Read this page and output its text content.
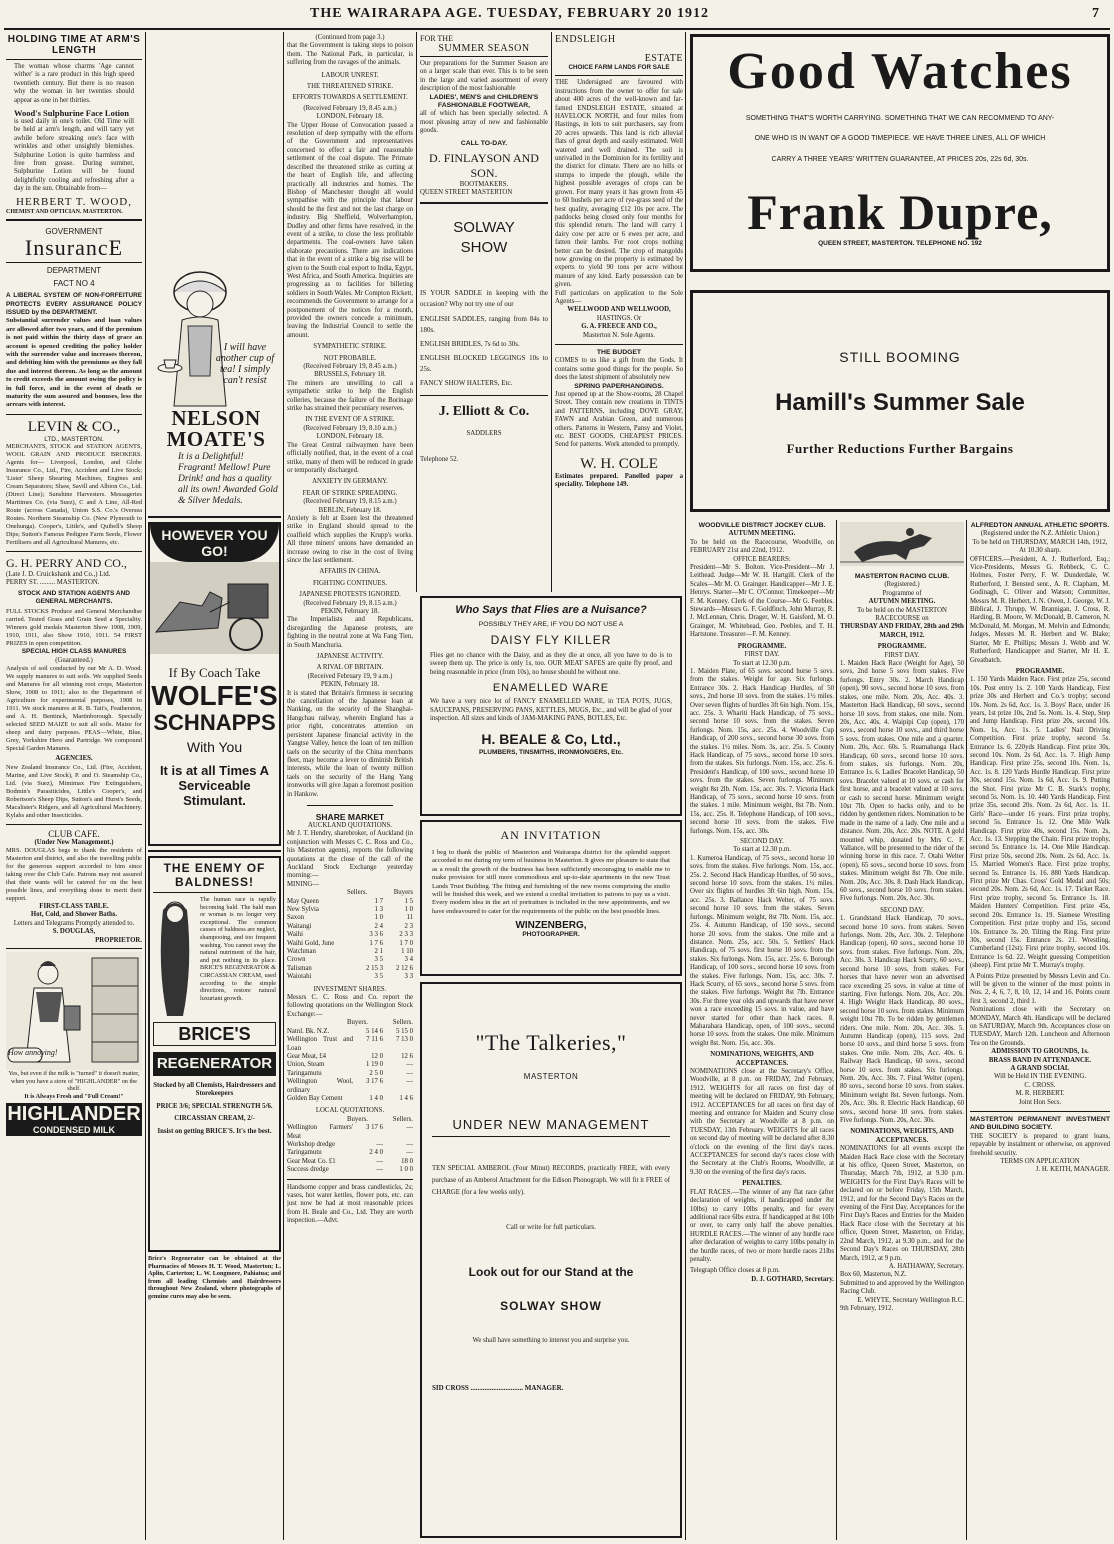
THE WAIRARAPA AGE. TUESDAY, FEBRUARY 20 1912	7
HOLDING TIME AT ARM'S LENGTH
The woman whose charms 'Age cannot wither' is a rare product in this high speed twentieth century. But there is no reason why the woman in her twenties should appear as one in her thirties.
Wood's Sulphurine Face Lotion
is used daily in one's toilet. Old Time will be held at arm's length, and will tarry yet awhile before streaking one's face with wrinkles and other unsightly blemishes. Sulphurine Lotion is quite harmless and free from grease. During summer, Sulphurine Lotion will be found delightfully cooling and refreshing after a day in the sun. Obtainable from—
HERBERT T. WOOD,
CHEMIST AND OPTICIAN. MASTERTON.
GOVERNMENT
InsurancE
DEPARTMENT
FACT NO 4
A LIBERAL SYSTEM OF NON-FORFEITURE PROTECTS EVERY ASSURANCE POLICY ISSUED by the DEPARTMENT.
Substantial surrender values and loan values are allowed after two years, and if the premium is not paid within the thirty days of grace an account is opened crediting the policy holder with the surrender value and increases thereon, and debiting him with the premiums as they fall due and interest thereon. As long as the amount to credit exceeds the amount owing the policy is in full force, and in the event of death or maturity the sum assured and bonuses, less the arrears with interest.
LEVIN & CO.,
LTD., MASTERTON.
MERCHANTS, STOCK and STATION AGENTS, WOOL GRAIN AND PRODUCE BROKERS. Agents for— Liverpool, London, and Globe Insurance Co., Ltd., Fire, Accident and Live Stock; 'Lister' Sheep Shearing Machines, Engines and Cream Separators; Shaw, Savill and Albion Co., Ltd. (Direct Line); Sunshine Harvesters. Messageries Maritimes Co. (via Suez), C and A Line, All-Red Route (across Canada), Union S.S. Co.'s Oversea Routes. Northern Steamship Co. (New Plymouth to Onehunga). Cooper's, Little's, and Quibell's Sheep Dips; Sutton's Famous Pedigree Farm Seeds, Flower Fertilisers and all Agricultural Manures, etc.
G. H. PERRY AND CO.,
(Late J. D. Cruickshank and Co.,) Ltd.
PERRY ST. ......... MASTERTON.
STOCK AND STATION AGENTS AND GENERAL MERCHANTS.
FULL STOCKS Produce and General Merchandise carried. Tested Grass and Grain Seed a Speciality. Winners gold medals Masterton Show 1908, 1909, 1910, 1911, also Show 1910, 1911. 54 FIRST PRIZES in open competition.
SPECIAL HIGH CLASS MANURES
(Guaranteed.)
Analysis of soil conducted by our Mr A. D. Wood. We supply manures to suit soils. We supplied Seeds and Manures for all winning root crops, Masterton Show, 1908 to 1911; also to the Department of Agriculture for experimental purposes, 1908 to 1911. We stock manures at R. B. Tait's, Featherston, and A. H. Bentinck, Martinborough. Specially selected SEED MAIZE to suit all soils. Maize for sheep and dairy purposes. PEAS—White, Blue, Grey, Yorkshire Hero and Partridge. We compound Special Garden Manures.
AGENCIES.
New Zealand Insurance Co., Ltd. (Fire, Accident, Marine, and Live Stock), P. and O. Steamship Co., Ltd. (via Suez), Mimimax Fire Extinguishers, Bodmin's Parasiticides, Little's Cooper's, and Robertson's Sheep Dips, Sutton's and Hurst's Seeds, Macalister's Ridgers, and all Agricultural Machinery. Kylahs and other Insecticides.
CLUB CAFE.
(Under New Management.)
MRS. DOUGLAS begs to thank the residents of Masterton and district, and also the travelling public for the generous support accorded to him since taking over the Club Cafe. Patrons may rest assured that their wants will be catered for on the best possible lines, and everything done to merit their support.
FIRST-CLASS TABLE.
Hot, Cold, and Shower Baths.
Letters and Telegrams Promptly attended to.
S. DOUGLAS,
PROPRIETOR.
How annoying!
Yes, but even if the milk is "turned" it doesn't matter, when you have a store of "HIGHLANDER" on the shelf.
It is Always Fresh and "Full Cream!"
HIGHLANDER
CONDENSED MILK
I will have another cup of tea! I simply can't resist
NELSON MOATE'S
It is a Delightful! Fragrant! Mellow! Pure Drink! and has a quality all its own! Awarded Gold & Silver Medals.
HOWEVER YOU GO!
If By Coach Take
WOLFE'S
SCHNAPPS
With You
It is at all Times A Serviceable Stimulant.
THE ENEMY OF BALDNESS!
The human race is rapidly becoming bald. The bald man or woman is no longer very exceptional. The common causes of baldness are neglect, shampooing, and too frequent washing. You cannot sway the natural nutriment of the hair, and put nothing in its place. BRICE'S REGENERATOR & CIRCASSIAN CREAM, used according to the simple directions, restore natural luxuriant growth.
BRICE'S
REGENERATOR
Stocked by all Chemists, Hairdressers and Storekeepers
PRICE 3/6; SPECIAL STRENGTH 5/6.
CIRCASSIAN CREAM, 2/-
Insist on getting BRICE'S. It's the best.
Brice's Regenerator can be obtained at the Pharmacies of Messrs H. T. Wood, Masterton; L. Aplin, Carterton; L. W. Longmore, Pahiatua; and from all leading Chemists and Hairdressers throughout New Zealand, where photographs of genuine cures may also be seen.
(Continued from page 3.)
that the Government is taking steps to poison them. The National Park, in particular, is suffering from the ravages of the animals.
LABOUR UNREST.
THE THREATENED STRIKE.
EFFORTS TOWARDS A SETTLEMENT.
(Received February 19, 8.45 a.m.)
LONDON, February 18.
The Upper House of Convocation passed a resolution of deep sympathy with the efforts of the Government and representatives concerned to effect a fair and reasonable settlement of the coal dispute. The Primate described the threatened strike as cutting at the heart of English life, and affecting practically all industries and homes. The Bishop of Manchester thought all would sympathise with the principle that labour should be the first and not the last charge on industry. Big Sheffield, Wolverhampton, Dudley and other firms have resolved, in the event of a strike, to close the less profitable departments. The coal-owners have taken elaborate precautions. There are indications that in the event of a strike a big rise will be given to the South coal export to India, Egypt, West Africa, and South America. Inquiries are progressing as to facilities for billeting soldiers in South Wales. Mr Compton Rickett, recommends the Government to arrange for a postponement of the notices for a month, provided the owners concede a minimum, leaving the Industrial Council to settle the amount.
SYMPATHETIC STRIKE.
NOT PROBABLE.
(Received February 19, 8.45 a.m.)
BRUSSELS, February 18.
The miners are unwilling to call a sympathetic strike to help the English colleries, because the failure of the Borinage strike has strained their pecuniary reserves.
IN THE EVENT OF A STRIKE.
(Received February 19, 8.10 a.m.)
LONDON, February 18.
The Great Central railwaymen have been officially notified, that, in the event of a coal strike, many of them will be reduced in grade or temporarily discharged.
ANXIETY IN GERMANY.
FEAR OF STRIKE SPREADING.
(Received February 19, 8.15 a.m.)
BERLIN, February 18.
Anxiety is felt at Essen lest the threatened strike in England should spread to the coalfield which supplies the Krupp's works. All three miners' unions have demanded an increase owing to rise in the cost of living since the last settlement.
AFFAIRS IN CHINA.
FIGHTING CONTINUES.
JAPANESE PROTESTS IGNORED.
(Received February 19, 8.15 a.m.)
PEKIN, February 18.
The Imperialists and Republicans, disregarding the Japanese protests, are fighting in the neutral zone at Wa Fang Tien, in South Manchuria.
JAPANESE ACTIVITY.
A RIVAL OF BRITAIN.
(Received February 19, 9 a.m.)
PEKIN, February 18.
It is stated that Britain's firmness in securing the cancellation of the Japanese loan at Nanking, on the security of the Shanghai-Hangchau railway, wherein England has a prior right, concentrates attention on persistent Japanese financial activity in the Yangtse Valley, hence the loan of ten million taels on the security of the China merchants fleet, may become a lever to diminish British interests, while the loan of twenty million taels on the security of the Hang Yang ironworks will give Japan a foremost position in Hankow.
SHARE MARKET
AUCKLAND QUOTATIONS.
Mr J. T. Hendry, sharebroker, of Auckland (in conjunction with Messrs C. C. Ross and Co., his Masterton agents), reports the following quotations at the close of the call of the Auckland Stock Exchange yesterday morning:—
MINING—
Sellers.	Buyers
May Queen	1 7	1 5
New Sylvia	1 3	1 0
Saxon	1 0	11
Waitangi	2 4	2 3
Waihi	3 3 6	2 3 3
Waihi Gold, June	1 7 6	1 7 0
Watchman	2 1	1 10
Crown	3 5	3 4
Talisman	2 15 3	2 12 6
Waiotahi	3 5	3 3
INVESTMENT SHARES.
Messrs C. C. Ross and Co. report the following quotations on the Wellington Stock Exchange:—
Buyers.	Sellers.
Natnl. Bk. N.Z.	5 14 6	5 15 0
Wellington Trust and Loan
7 11 6	7 13 0
Gear Meat, £4	12 0	12 6
Union, Steam	1 19 0	—
Taringamutu	2 5 0	—
Wellington Wool, ordinary
3 17 6	—
Golden Bay Cement	1 4 0	1 4 6
LOCAL QUOTATIONS.
Buyers.	Sellers.
Wellington Farmers' Meat
3 17 6	—
Workshop dredge	—	—
Taringamutu	2 4 0	—
Gear Meat Co. £1	—	18 0
Success dredge	—	1 0 0
Handsome copper and brass candlesticks, 2s; vases, hot water kettles, flower pots, etc. can just now be had at most reasonable prices from H. Beale and Co., Ltd. They are worth inspection.—Advt.
FOR THE
SUMMER SEASON
Our preparations for the Summer Season are on a larger scale than ever. This is to be seen in the large and varied assortment of every description of the most fashionable
LADIES', MEN'S and CHILDREN'S FASHIONABLE FOOTWEAR,
all of which has been specially selected. A most pleasing array of new and fashionable goods.
CALL TO-DAY.
D. FINLAYSON AND SON.
BOOTMAKERS.
QUEEN STREET MASTERTON
SOLWAY SHOW
IS YOUR SADDLE in keeping with the occasion? Why not try one of our

ENGLISH SADDLES, ranging from 84s to 180s.

ENGLISH BRIDLES, 7s 6d to 30s.

ENGLISH BLOCKED LEGGINGS 10s to 25s.

FANCY SHOW HALTERS, Etc.

J. Elliott & Co.
SADDLERS
Telephone 52.
ENDSLEIGH
ESTATE
CHOICE FARM LANDS FOR SALE
THE Undersigned are favoured with instructions from the owner to offer for sale about 400 acres of the well-known and far-famed ENDSLEIGH ESTATE, situated at HAVELOCK NORTH, and four miles from Hastings, in lots to suit purchasers, say from 20 acres upwards. This land is rich alluvial flats of great depth and easily estimated. Well watered and well drained. The soil is unrivalled in the Dominion for its fertility and the district for climate. There are no hills or stumps to impede the plough, while the highest possible averages of crops can be grown. For many years it has grown from 45 to 60 bushels per acre of rye-grass seed of the best quality, averaging £12 10s per acre. The paddocks being closed only four months for this splendid return. The land will carry 1 dairy cow per acre or 6 ewes per acre, and fatten their lambs. For root crops nothing better can be desired. The crop of mangolds now growing on the property is estimated by experts to yield 90 tons per acre without manure of any kind. Early possession can be given.
Full particulars on application to the Sole Agents—
WELLWOOD AND WELLWOOD,
HASTINGS. Or
G. A. FREECE AND CO.,
Masterton N. Sole Agents.
THE BUDGET
COMES to us like a gift from the Gods. It contains some good things for the people. So does the latest shipment of absolutely new
SPRING PAPERHANGINGS.
Just opened up at the Show-rooms, 28 Chapel Street. They contain new creations in TINTS and PATTERNS, including DOVE GRAY, FAWN and Arabian Green, and numerous others. Patterns in Western, Pansy and Violet, etc. BEST GOODS, CHEAPEST PRICES. Send for patterns. Work attended to promptly.
W. H. COLE
Estimates prepared. Panelled paper a speciality. Telephone 149.
Who Says that Flies are a Nuisance?
POSSIBLY THEY ARE, IF YOU DO NOT USE A
DAISY FLY KILLER
Flies get no chance with the Daisy, and as they die at once, all you have to do is to sweep them up. The price is only 1s, too. OUR MEAT SAFES are quite fly proof, and being reasonable in price (from 10s), no house should be without one.
ENAMELLED WARE
We have a very nice lot of FANCY ENAMELLED WARE, in TEA POTS, JUGS, SAUCEPANS, PRESERVING PANS, KETTLES, MUGS, Etc., and will be glad of your inspection. All sizes and kinds of JAM-MAKING PANS, BOTLES, Etc.
H. BEALE & Co, Ltd.,
PLUMBERS, TINSMITHS, IRONMONGERS, Etc.
AN INVITATION
I beg to thank the public of Masterton and Wairarapa district for the splendid support accorded to me during my term of business in Masterton. It gives me pleasure to state that as a result the growth of the business has been sufficiently encouraging to enable me to make provision for still more commodious and up-to-date apartments in the new Trust Lands Trust Building. The fitting and furnishing of the new rooms comprising the studio will be finished this week, and we extend a cordial invitation to patrons to pay us a visit. Every modern idea in the art of portraiture is included in the new appointments, and we have endeavoured to cater for the requirements of the public on the best possible lines.
WINZENBERG,
PHOTOGRAPHER.
"The Talkeries,"
MASTERTON
UNDER NEW MANAGEMENT
TEN SPECIAL AMBEROL (Four Minut) RECORDS, practically FREE, with every purchase of an Amberol Attachment for the Edison Phonograph. We will fit it FREE of CHARGE (for a few weeks only).
Call or write for full particulars.
Look out for our Stand at the
SOLWAY SHOW
We shall have something to interest you and surprise you.
SID CROSS .............................. MANAGER.
Good Watches
SOMETHING THAT'S WORTH CARRYING. SOMETHING THAT WE CAN RECOMMEND TO ANY-
ONE WHO IS IN WANT OF A GOOD TIMEPIECE. WE HAVE THREE LINES, ALL OF WHICH
CARRY A THREE YEARS' WRITTEN GUARANTEE, AT PRICES 20s, 22s 6d, 30s.
Frank Dupre,
QUEEN STREET, MASTERTON. TELEPHONE NO. 192
STILL BOOMING
Hamill's Summer Sale
Further Reductions Further Bargains
WOODVILLE DISTRICT JOCKEY CLUB.
AUTUMN MEETING.
To be held on the Racecourse, Woodville, on FEBRUARY 21st and 22nd, 1912.
OFFICE BEARERS:
President—Mr S. Bolton. Vice-President—Mr J. Leithead. Judge—Mr W. H. Hartgill. Clerk of the Scales—Mr M. O. Grainger. Handicapper—Mr J. E. Henrys. Starter—Mr C. O'Connor. Timekeeper—Mr F. M. Kenney. Clerk of the Course—Mr G. Feebles. Stewards—Messrs G. F. Goldfinch, John Murray, R. J. McLennan, Chris. Drager, W. H. Gaisford, M. O. Grainger, M. Whitehead, Geo. Peebles, and T. H. Hartstone. Treasurer—F. M. Kenney.
PROGRAMME.
FIRST DAY.
To start at 12.30 p.m.
1. Maiden Plate, of 65 sovs. second horse 5 sovs. from the stakes. Weight for age. Six furlongs. Entrance 30s. 2. Hack Handicap Hurdles, of 50 sovs., 2nd horse 10 sovs. from the stakes. 1½ miles. Over seven flights of hurdles 3ft 6in high. Nom. 15s, acc. 25s. 3. Whariti Hack Handicap, of 75 sovs., second horse 10 sovs. from the stakes. Seven furlongs. Nom. 15s, acc. 25s. 4. Woodville Cup Handicap, of 200 sovs., second horse 30 sovs. from the stakes. 1½ miles. Nom. 3s, acc. 25s. 5. County Hack Handicap, of 75 sovs., second horse 10 sovs. from the stakes. Six furlongs. Nom. 15s, acc. 25s. 6. President's Handicap, of 100 sovs., second horse 10 sovs. from the stakes. Seven furlongs. Minimum weight 8st 2lb. Nom. 15s, acc. 30s. 7. Victoria Hack Handicap, of 75 sovs., second horse 10 sovs. from the stakes. 1 mile. Minimum weight, 8st 7lb. Nom. 15s, acc. 25s. 8. Telephone Handicap, of 100 sovs., second horse 10 sovs. from the stakes. Five furlongs. Nom. 15s, acc. 30s.
SECOND DAY.
To start at 12.30 p.m.
1. Kumeroa Handicap, of 75 sovs., second horse 10 sovs. from the stakes. Five furlongs. Nom. 15s, acc. 25s. 2. Second Hack Handicap Hurdles, of 50 sovs., second horse 10 sovs. from the stakes. 1½ miles. Over six flights of hurdles 3ft 6in high. Nom. 15s, acc. 25s. 3. Ballance Hack Welter, of 75 sovs. second horse 10 sovs. from the stakes. Seven furlongs. Minimum weight, 8st 7lb. Nom. 15s, acc. 25s. 4. Autumn Handicap, of 150 sovs., second horse 20 sovs. from the stakes. One mile and a distance. Nom. 25s, acc. 50s. 5. Settlers' Hack Handicap, of 75 sovs. first horse 10 sovs. from the stakes. Six furlongs. Nom. 15s, acc. 25s. 6. Borough Handicap, of 100 sovs., second horse 10 sovs. from the stakes. Five furlongs. Nom. 15s, acc. 30s. 7. Hack Scurry, of 65 sovs., second horse 5 sovs. from the stakes. Five furlongs. Weight 8st 7lb. Entrance 30s. For three year olds and upwards that have never won a race exceeding 15 sovs. in value, and have never started for other than hack races. 8. Maharahara Handicap, open, of 100 sovs., second horse 10 sovs. from the stakes. One mile. Minimum weight 8st. Nom. 15s, acc. 30s.
NOMINATIONS, WEIGHTS, AND ACCEPTANCES.
NOMINATIONS close at the Secretary's Office, Woodville, at 8 p.m. on FRIDAY, 2nd February, 1912. WEIGHTS for all races on first day of meeting will be declared on FRIDAY, 9th February, 1912. ACCEPTANCES for all races on first day of meeting and entrance for Maiden and Scurry close with the Secretary at Woodville at 8 p.m. on TUESDAY, 13th February. WEIGHTS for all races on second day of meeting will be declared after 8.30 o'clock on the evening of the first day's races. ACCEPTANCES for second day's races close with the Secretary at the Club's Rooms, Woodville, at 9.30 on the evening of the first day's races.
PENALTIES.
FLAT RACES.—The winner of any flat race (after declaration of weights, if handicapped under 8st 10lbs) to carry 10lbs penalty, and for every additional race 6lbs extra. If handicapped at 8st 10lb or over, to carry only half the above penalties. HURDLE RACES.—The winner of any hurdle race after declaration of weights to carry 10lbs penalty in the hurdle races, of two or more hurdle races 21lbs penalty.
Telegraph Office closes at 8 p.m.
D. J. GOTHARD, Secretary.
MASTERTON RACING CLUB.
(Registered.)
Programme of
AUTUMN MEETING.
To be held on the MASTERTON RACECOURSE on
THURSDAY AND FRIDAY, 28th and 29th MARCH, 1912.
PROGRAMME.
FIRST DAY.
1. Maiden Hack Race (Weight for Age), 50 sovs, 2nd horse 5 sovs from stakes. Five furlongs. Entry 30s. 2. March Handicap (open), 90 sovs., second horse 10 sovs. from stakes, one mile. Nom. 20s, Acc. 40s. 3. Masterton Hack Handicap, 60 sovs., second horse 10 sovs. from stakes, one mile. Nom. 20s, Acc. 40s. 4. Waipipi Cup (open), 170 sovs., second horse 10 sovs., and third horse 5 sovs. from stakes. One mile and a quarter. Nom. 20s, Acc. 60s. 5. Ruamahanga Hack Handicap, 60 sovs., second horse 10 sovs. from stakes, six furlongs. Nom. 20s, Entrance 1s. 6. Ladies' Bracelet Handicap, 50 sovs. Bracelet valued at 10 sovs. or cash for first horse, and a bracelet valued at 10 sovs. or cash to second horse. Minimum weight 10st 7lb. Open to hacks only, and to be ridden by gentlemen riders. Nomination to be made in the name of a lady. One mile and a distance. Nom. 20s, Acc. 20s. NOTE. A gold mounted whip, donated by Mrs C. F. Vallance, will be presented to the rider of the winning horse in this race. 7. Otahi Welter (open), 65 sovs., second horse 10 sovs. from stakes. Minimum weight 8st 7lb. One mile. Nom. 20s, Acc. 30s. 8. Dash Hack Handicap, 60 sovs., second horse 10 sovs. from stakes. Five furlongs. Nom. 20s, Acc. 30s.
SECOND DAY.
1. Grandstand Hack Handicap, 70 sovs., second horse 10 sovs. from stakes. Seven furlongs. Nom. 20s, Acc. 30s. 2. Telephone Handicap (open), 60 sovs., second horse 10 sovs. from stakes. Five furlongs. Nom. 20s, Acc. 30s. 3. Handicap Hack Scurry, 60 sovs., second horse 10 sovs. from stakes. For horses that have never won an advertised race exceeding 25 sovs. in value at time of starting. Five furlongs. Nom. 20s, Acc. 20s. 4. High Weight Hack Handicap, 80 sovs., second horse 10 sovs. from stakes. Minimum weight 10st 7lb. To be ridden by gentlemen riders. One mile. Nom. 20s, Acc. 30s. 5. Autumn Handicap (open), 115 sovs. 2nd horse 10 sovs., and third horse 5 sovs. from stakes. One mile. Nom. 20s, Acc. 40s. 6. Railway Hack Handicap, 60 sovs., second horse 10 sovs. from stakes. Six furlongs. Nom. 20s, Acc. 30s. 7. Final Welter (open), 80 sovs., second horse 10 sovs. from stakes. Minimum weight 8st. Seven furlongs. Nom. 20s, Acc. 30s. 8. Electric Hack Handicap, 60 sovs., second horse 10 sovs. from stakes. Five furlongs. Nom. 20s, Acc. 30s.
NOMINATIONS, WEIGHTS, AND ACCEPTANCES.
NOMINATIONS for all events except the Maiden Hack Race close with the Secretary at his office, Queen Street, Masterton, on Thursday, March 7th, 1912, at 9.30 p.m. WEIGHTS for the First Day's Races will be declared on or before Friday, 15th March, 1912, and for the Second Day's Races on the evening of the First Day. Acceptances for the First Day's Races and Entries for the Maiden Hack Race close with the Secretary at his office, Queen Street, Masterton, on Friday, 22nd March, 1912, at 9.30 p.m., and for the Second Day's Races on THURSDAY, 28th March, 1912, at 9 p.m.
A. HATHAWAY, Secretary.
Box 60, Masterton, N.Z.
Submitted to and approved by the Wellington Racing Club.
E. WHYTE, Secretary Wellington R.C.
9th February, 1912.
ALFREDTON ANNUAL ATHLETIC SPORTS.
(Registered under the N.Z. Athletic Union.)
To be held on THURSDAY, MARCH 14th, 1912, At 10.30 sharp.
OFFICERS.—President, A. J. Rutherford, Esq.; Vice-Presidents, Messrs G. Rebbeck, C. C. Holmes, Foster Perry, F. W. Dunderdale, W. Rutherford, J. Bensted senr., A. R. Clapham, M. Godinagh, C. Oliver and Watson; Committee, Messrs M. R. Herbert, J. N. Owen, J. George, W. J. Biblical, J. Thrupp, W. Brannigan, J. Cross, R. Harding, B. Moore, W. McDonald, B. Cameron, N. McDonald, M. Morgan, M. Melvin and Edmonds; Judges, Messrs M. R. Herbert and W. Blake; Starter, Mr E. Phillips; Messrs J. Webb and W. Rutherford; Handicapper and Starter, Mr H. E. Greatbatch.
PROGRAMME.
1. 150 Yards Maiden Race. First prize 25s, second 10s. Post entry 1s. 2. 100 Yards Handicap, First prize 30s and Herbert and Co.'s trophy; second 10s. Nom. 2s 6d, Acc. 1s. 3. Boys' Race, under 16 years, 1st prize 10s, 2nd 5s. Nom. 1s. 4. Step, Step and Jump Handicap. First prize 20s, second 10s. Nom. 1s, Acc. 1s. 5. Ladies' Nail Driving Competition. First prize trophy, second 5s. Entrance 1s. 6. 220yds Handicap. First prize 30s, second 10s. Nom. 2s 6d, Acc. 1s. 7. High Jump Handicap. First prize 25s, second 10s. Nom. 1s, Acc. 1s. 8. 120 Yards Hurdle Handicap. First prize 30s, second 15s. Nom. 1s 6d, Acc. 1s. 9. Putting the Shot. First prize Mr C. B. Stark's trophy, second 5s. Nom. 1s. 10. 440 Yards Handicap. First prize 35s, second 20s. Nom. 2s 6d, Acc. 1s. 11. Girls' Race—under 16 years. First prize trophy, second 5s. Entrance 1s. 12. One Mile Walk Handicap. First prize 40s, second 15s. Nom. 2s, Acc. 1s. 13. Stepping the Chain. First prize trophy, second 5s. Entrance 1s. 14. One Mile Handicap. First prize 50s, second 20s. Nom. 2s 6d, Acc. 1s. 15. Married Women's Race. First prize trophy, second 5s. Entrance 1s. 16. 880 Yards Handicap. First prize Mr Chas. Cross' Gold Medal and 50s; second 20s. Nom. 2s 6d, Acc. 1s. 17. Ticket Race. First prize trophy, second 5s. Entrance 1s. 18. Maiden Hunters' Competition. First prize 45s, second 20s. Entrance 1s. 19. Siamese Wrestling Competition. First prize trophy and 15s, second 10s. Entrance 3s. 20. Tilting the Ring. First prize 30s, second 15s. Entrance 2s. 21. Wrestling, Cumberland (12st). First prize trophy, second 10s. Entrance 1s 6d. 22. Weight guessing Competition (sheep). First prize Mr T. Murray's trophy.
A Points Prize presented by Messrs Levin and Co. will be given to the winner of the most points in Nos. 2, 4, 6, 7, 8, 10, 12, 14 and 16. Points count first 3, second 2, third 1.
Nominations close with the Secretary on MONDAY, March 4th. Handicaps will be declared on SATURDAY, March 9th. Acceptances close on TUESDAY, March 12th. Luncheon and Afternoon Tea on the Grounds.
ADMISSION TO GROUNDS, 1s.
BRASS BAND IN ATTENDANCE.
A GRAND SOCIAL
Will be Held IN THE EVENING.
C. CROSS.
M. R. HERBERT.
Joint Hon Secs.
MASTERTON PERMANENT INVESTMENT AND BUILDING SOCIETY.
THE SOCIETY is prepared to grant loans, repayable by instalment or otherwise, on approved freehold security.
TERMS ON APPLICATION
J. H. KEITH, MANAGER.
